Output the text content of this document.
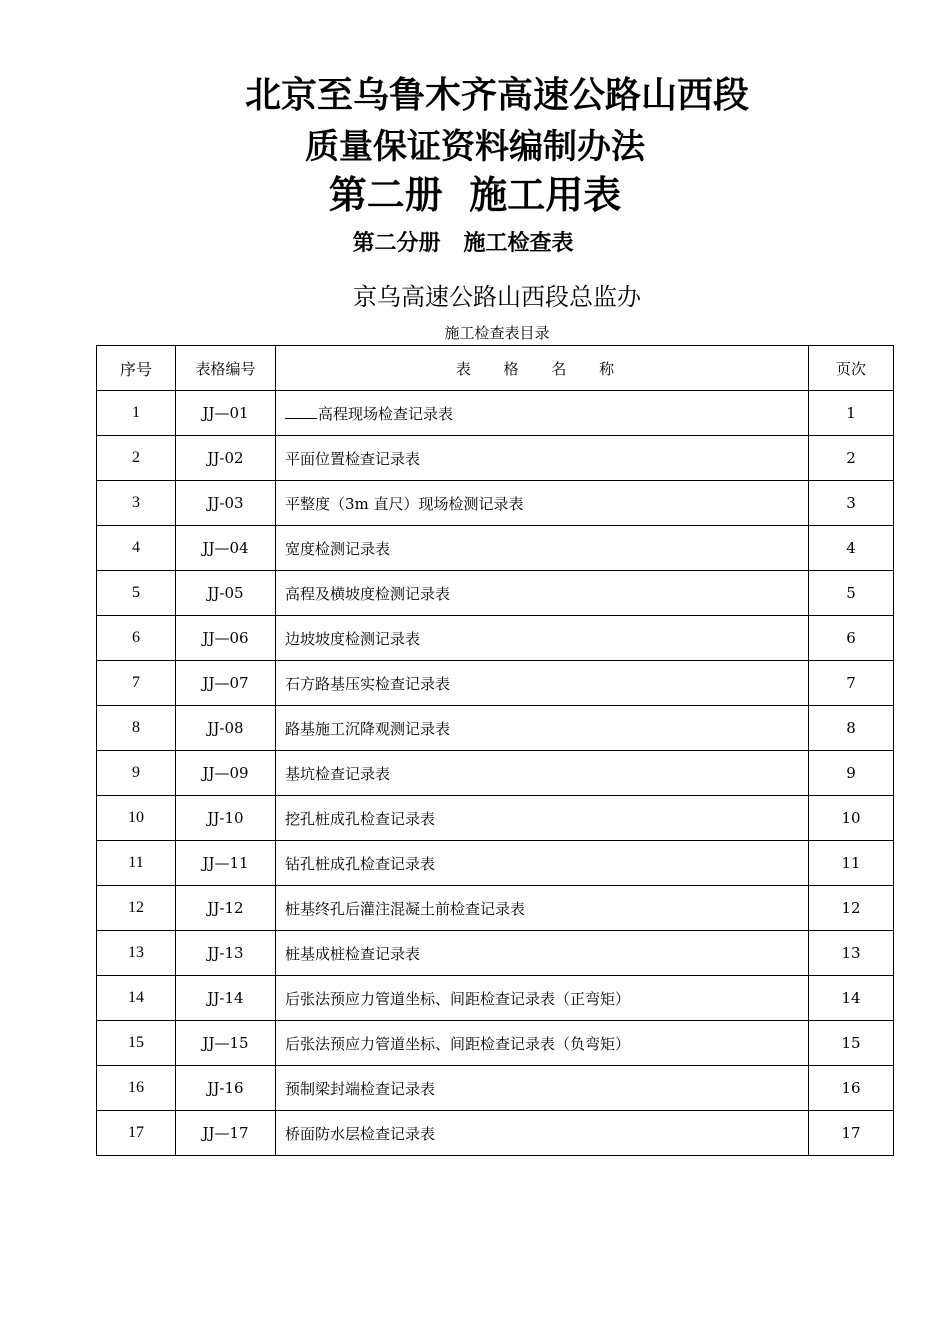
北京至乌鲁木齐高速公路山西段
质量保证资料编制办法
第二册  施工用表
第二分册   施工检查表
京乌高速公路山西段总监办
施工检查表目录
序号	表格编号	表 格 名 称	页次
1	JJ—01	高程现场检查记录表	1
2	JJ-02	平面位置检查记录表	2
3	JJ-03	平整度（3m 直尺）现场检测记录表	3
4	JJ—04	宽度检测记录表	4
5	JJ-05	高程及横坡度检测记录表	5
6	JJ—06	边坡坡度检测记录表	6
7	JJ—07	石方路基压实检查记录表	7
8	JJ-08	路基施工沉降观测记录表	8
9	JJ—09	基坑检查记录表	9
10	JJ-10	挖孔桩成孔检查记录表	10
11	JJ—11	钻孔桩成孔检查记录表	11
12	JJ-12	桩基终孔后灌注混凝土前检查记录表	12
13	JJ-13	桩基成桩检查记录表	13
14	JJ-14	后张法预应力管道坐标、间距检查记录表（正弯矩）	14
15	JJ—15	后张法预应力管道坐标、间距检查记录表（负弯矩）	15
16	JJ-16	预制梁封端检查记录表	16
17	JJ—17	桥面防水层检查记录表	17
